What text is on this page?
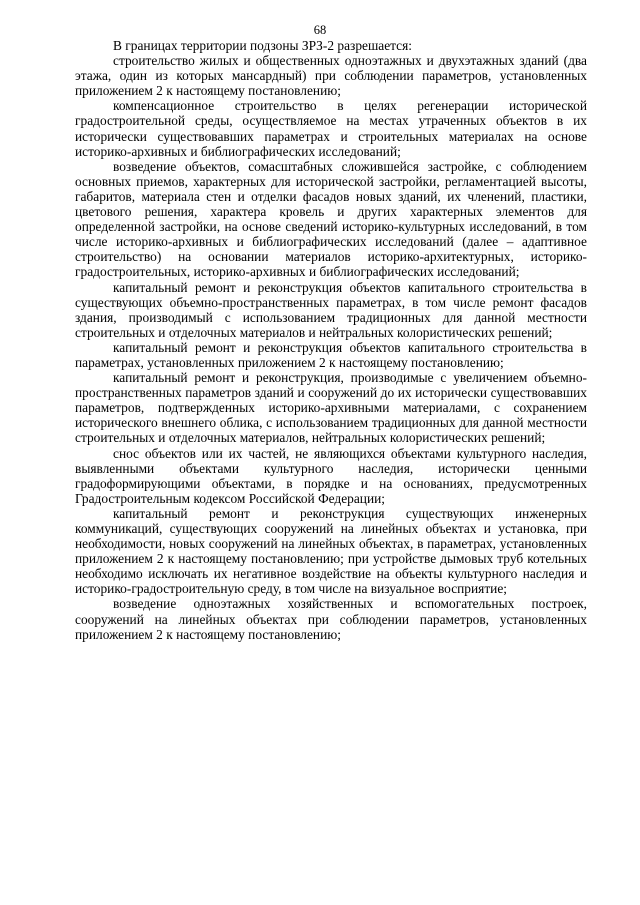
68

В границах территории подзоны ЗРЗ-2 разрешается:

строительство жилых и общественных одноэтажных и двухэтажных зданий (два этажа, один из которых мансардный) при соблюдении параметров, установленных приложением 2 к настоящему постановлению;

компенсационное строительство в целях регенерации исторической градостроительной среды, осуществляемое на местах утраченных объектов в их исторически существовавших параметрах и строительных материалах на основе историко-архивных и библиографических исследований;

возведение объектов, сомасштабных сложившейся застройке, с соблюдением основных приемов, характерных для исторической застройки, регламентацией высоты, габаритов, материала стен и отделки фасадов новых зданий, их членений, пластики, цветового решения, характера кровель и других характерных элементов для определенной застройки, на основе сведений историко-культурных исследований, в том числе историко-архивных и библиографических исследований (далее – адаптивное строительство) на основании материалов историко-архитектурных, историко-градостроительных, историко-архивных и библиографических исследований;

капитальный ремонт и реконструкция объектов капитального строительства в существующих объемно-пространственных параметрах, в том числе ремонт фасадов здания, производимый с использованием традиционных для данной местности строительных и отделочных материалов и нейтральных колористических решений;

капитальный ремонт и реконструкция объектов капитального строительства в параметрах, установленных приложением 2 к настоящему постановлению;

капитальный ремонт и реконструкция, производимые с увеличением объемно-пространственных параметров зданий и сооружений до их исторически существовавших параметров, подтвержденных историко-архивными материалами, с сохранением исторического внешнего облика, с использованием традиционных для данной местности строительных и отделочных материалов, нейтральных колористических решений;

снос объектов или их частей, не являющихся объектами культурного наследия, выявленными объектами культурного наследия, исторически ценными градоформирующими объектами, в порядке и на основаниях, предусмотренных Градостроительным кодексом Российской Федерации;

капитальный ремонт и реконструкция существующих инженерных коммуникаций, существующих сооружений на линейных объектах и установка, при необходимости, новых сооружений на линейных объектах, в параметрах, установленных приложением 2 к настоящему постановлению; при устройстве дымовых труб котельных необходимо исключать их негативное воздействие на объекты культурного наследия и историко-градостроительную среду, в том числе на визуальное восприятие;

возведение одноэтажных хозяйственных и вспомогательных построек, сооружений на линейных объектах при соблюдении параметров, установленных приложением 2 к настоящему постановлению;
